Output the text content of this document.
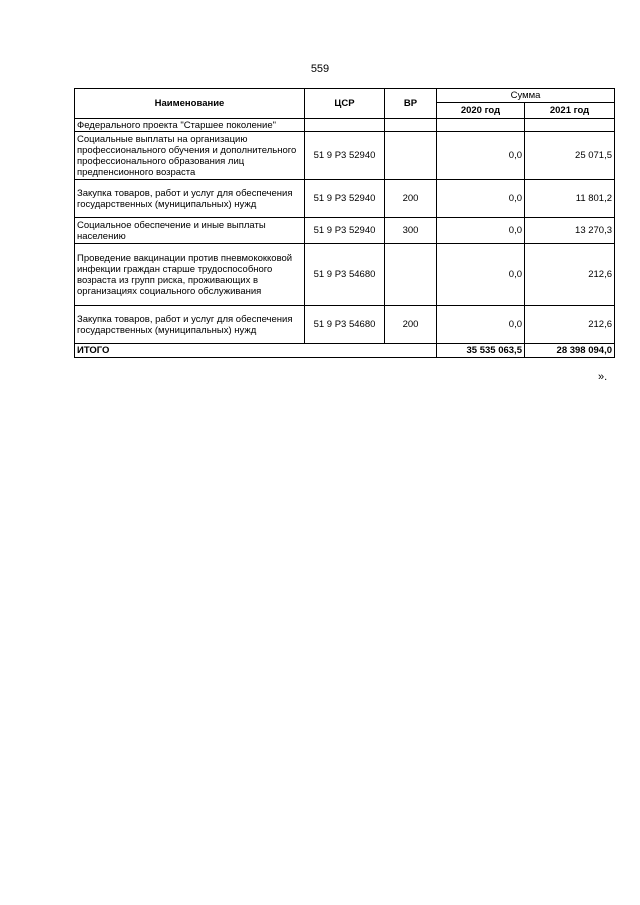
559
Наименование	ЦСР	ВР	Сумма	
			2020 год	2021 год
Федерального проекта "Старшее поколение"				
Социальные выплаты на организацию профессионального обучения и дополнительного профессионального образования лиц предпенсионного возраста	51 9 P3 52940		0,0	25 071,5
Закупка товаров, работ и услуг для обеспечения государственных (муниципальных) нужд	51 9 P3 52940	200	0,0	11 801,2
Социальное обеспечение и иные выплаты населению	51 9 P3 52940	300	0,0	13 270,3
Проведение вакцинации против пневмококковой инфекции граждан старше трудоспособного возраста из групп риска, проживающих в организациях социального обслуживания	51 9 P3 54680		0,0	212,6
Закупка товаров, работ и услуг для обеспечения государственных (муниципальных) нужд	51 9 P3 54680	200	0,0	212,6
ИТОГО			35 535 063,5	28 398 094,0
».
